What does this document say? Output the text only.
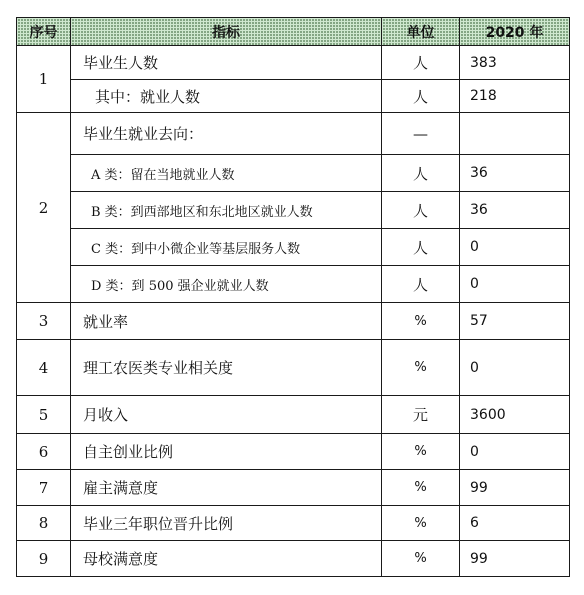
序号	指标	单位	2020 年
1	毕业生人数	人	383
	其中：就业人数	人	218
2	毕业生就业去向：	—	
	A 类：留在当地就业人数	人	36
	B 类：到西部地区和东北地区就业人数	人	36
	C 类：到中小微企业等基层服务人数	人	0
	D 类：到 500 强企业就业人数	人	0
3	就业率	%	57
4	理工农医类专业相关度	%	0
5	月收入	元	3600
6	自主创业比例	%	0
7	雇主满意度	%	99
8	毕业三年职位晋升比例	%	6
9	母校满意度	%	99
